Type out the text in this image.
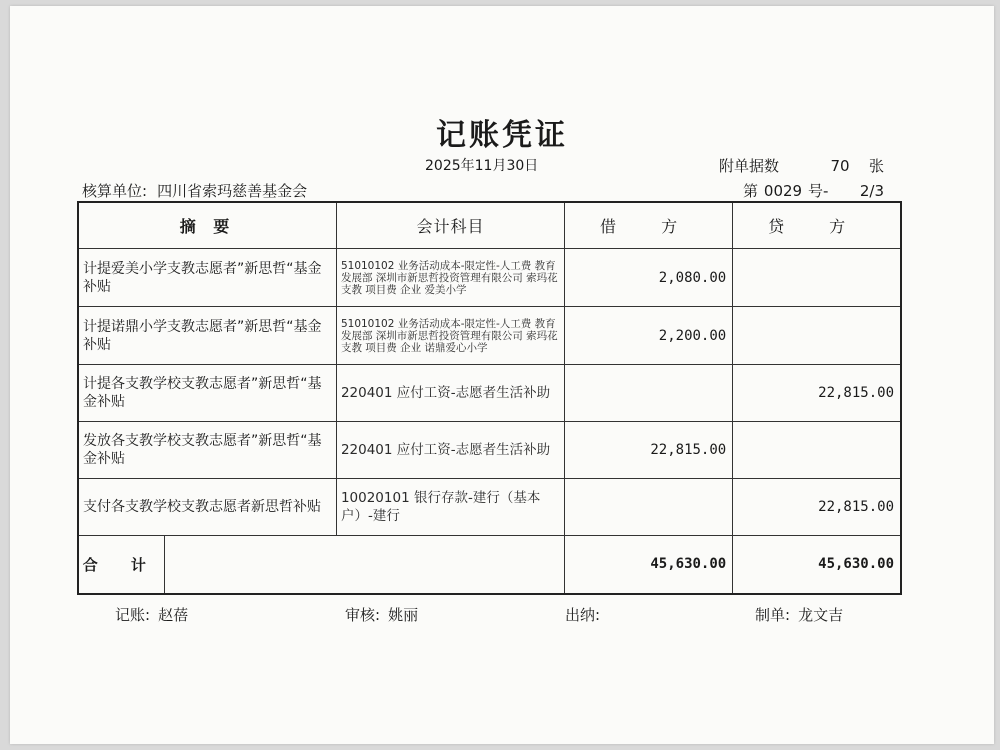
记账凭证
2025年11月30日	附单据数	70 张
核算单位: 四川省索玛慈善基金会	第 0029 号- 2/3
摘 要		会计科目	借 方	贷 方
计提爱美小学支教志愿者”新思哲“基金补贴		51010102 业务活动成本-限定性-人工费 教育发展部 深圳市新思哲投资管理有限公司 索玛花支教 项目费 企业 爱美小学	2,080.00	
计提诺鼎小学支教志愿者”新思哲“基金补贴		51010102 业务活动成本-限定性-人工费 教育发展部 深圳市新思哲投资管理有限公司 索玛花支教 项目费 企业 诺鼎爱心小学	2,200.00	
计提各支教学校支教志愿者”新思哲“基金补贴		220401 应付工资-志愿者生活补助		22,815.00
发放各支教学校支教志愿者”新思哲“基金补贴		220401 应付工资-志愿者生活补助	22,815.00	
支付各支教学校支教志愿者新思哲补贴		10020101 银行存款-建行（基本户）-建行		22,815.00
合 计			45,630.00	45,630.00
记账: 赵蓓	审核: 姚丽	出纳:	制单: 龙文吉
